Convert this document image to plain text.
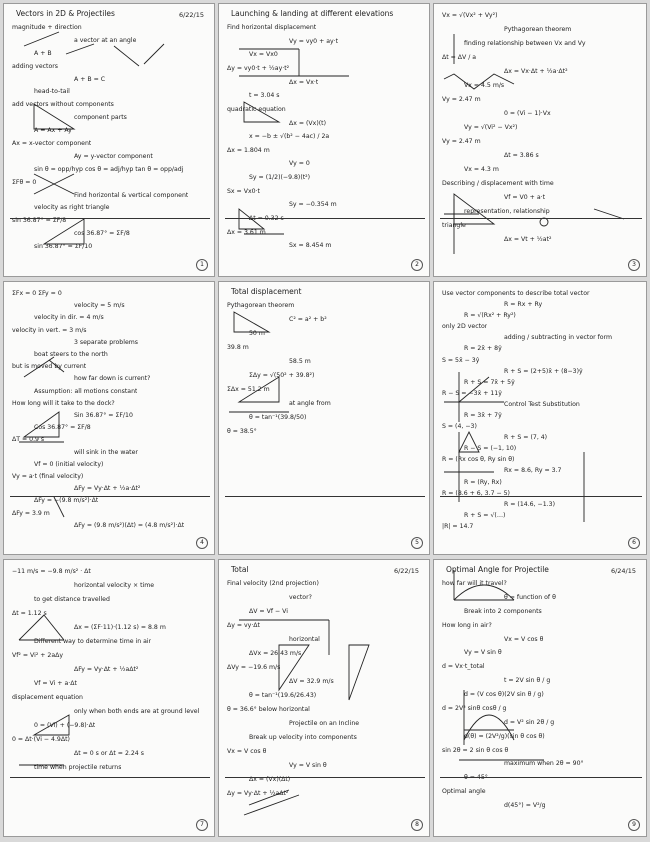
Vectors in 2D & Projectiles	6/22/15
magnitude + direction
a vector at an angle
A + B
adding vectors
A + B = C
head-to-tail
add vectors without components
component parts
A = Ax + Ay
Ax = x-vector component
Ay = y-vector component
sin θ = opp/hyp cos θ = adj/hyp tan θ = opp/adj
ΣFθ = 0
Find horizontal & vertical component
velocity as right triangle
sin 36.87° = ΣF/8
cos 36.87° = ΣF/8
sin 36.87° = ΣF/10
1
Launching & landing at different elevations
Find horizontal displacement
Vy = vy0 + ay·t
Vx = Vx0
Δy = vy0·t + ½ay·t²
Δx = Vx·t
t = 3.04 s
quadratic equation
Δx = (Vx)(t)
x = −b ± √(b² − 4ac) / 2a
Δx = 1.804 m
Vy = 0
Sy = (1/2)(−9.8)(t²)
Sx = Vx0·t
Sy = −0.354 m
Δt = 0.32 s
Δx = 3.61 m
Sx = 8.454 m
2
Vx = √(Vx² + Vy²)
Pythagorean theorem
finding relationship between Vx and Vy
Δt = ΔV / a
Δx = Vx·Δt + ½a·Δt²
Vx = 4.5 m/s
Vy = 2.47 m
0 = (Vi − 1)·Vx
Vy = √(Vi² − Vx²)
Vy = 2.47 m
Δt = 3.86 s
Vx = 4.3 m
Describing / displacement with time
Vf = V0 + a·t
representation, relationship
triangle
Δx = Vt + ½at²
3
ΣFx = 0 ΣFy = 0
velocity = 5 m/s
velocity in dir. = 4 m/s
velocity in vert. = 3 m/s
3 separate problems
boat steers to the north
but is moved by current
how far down is current?
Assumption: all motions constant
How long will it take to the dock?
Sin 36.87° = ΣF/10
Cos 36.87° = ΣF/8
ΔT = 0.9 s
will sink in the water
Vf = 0 (initial velocity)
Vy = a·t (final velocity)
ΔFy = Vy·Δt + ½a·Δt²
ΔFy = −(9.8 m/s²)·Δt
ΔFy = 3.9 m
ΔFy = (9.8 m/s²)(Δt) = (4.8 m/s²)·Δt
4
Total displacement
Pythagorean theorem
C² = a² + b²
50 m
39.8 m
58.5 m
ΣΔy = √(50² + 39.8²)
ΣΔx = 51.2 m
at angle from
θ = tan⁻¹(39.8/50)
θ = 38.5°
5
Use vector components to describe total vector
R = Rx + Ry
R = √(Rx² + Ry²)
only 2D vector
adding / subtracting in vector form
R = 2x̂ + 8ŷ
S = 5x̂ − 3ŷ
R + S = (2+5)x̂ + (8−3)ŷ
R + S = 7x̂ + 5ŷ
R − S = −3x̂ + 11ŷ
Control Test Substitution
R = 3x̂ + 7ŷ
S = (4, −3)
R + S = (7, 4)
R − S = (−1, 10)
R = (Rx cos θ, Ry sin θ)
Rx = 8.6, Ry = 3.7
R = (Ry, Rx)
R = (8.6 + 6, 3.7 − 5)
R = (14.6, −1.3)
R + S = √(…)
|R| = 14.7
6
−11 m/s = −9.8 m/s² · Δt
horizontal velocity × time
to get distance travelled
Δt = 1.12 s
Δx = (ΣF·11)·(1.12 s) = 8.8 m
Different way to determine time in air
Vf² = Vi² + 2aΔy
ΔFy = Vy·Δt + ½aΔt²
Vf = Vi + a·Δt
displacement equation
only when both ends are at ground level
0 = (Vi) + (−9.8)·Δt
0 = Δt·(Vi − 4.9Δt)
Δt = 0 s or Δt = 2.24 s
time when projectile returns
7
Total	6/22/15
Final velocity (2nd projection)
vector?
ΔV = Vf − Vi
Δy = vy·Δt
horizontal
ΔVx = 26.43 m/s
ΔVy = −19.6 m/s
ΔV = 32.9 m/s
θ = tan⁻¹(19.6/26.43)
θ = 36.6° below horizontal
Projectile on an Incline
Break up velocity into components
Vx = V cos θ
Vy = V sin θ
Δx = (Vx)(Δt)
Δy = Vy·Δt + ½aΔt²
8
Optimal Angle for Projectile	6/24/15
how far will it travel?
θ = function of θ
Break into 2 components
How long in air?
Vx = V cos θ
Vy = V sin θ
d = Vx·t_total
t = 2V sin θ / g
d = (V cos θ)(2V sin θ / g)
d = 2V² sinθ cosθ / g
d = V² sin 2θ / g
d(θ) = (2V²/g)(sin θ cos θ)
sin 2θ = 2 sin θ cos θ
maximum when 2θ = 90°
θ = 45°
Optimal angle
d(45°) = V²/g
9
